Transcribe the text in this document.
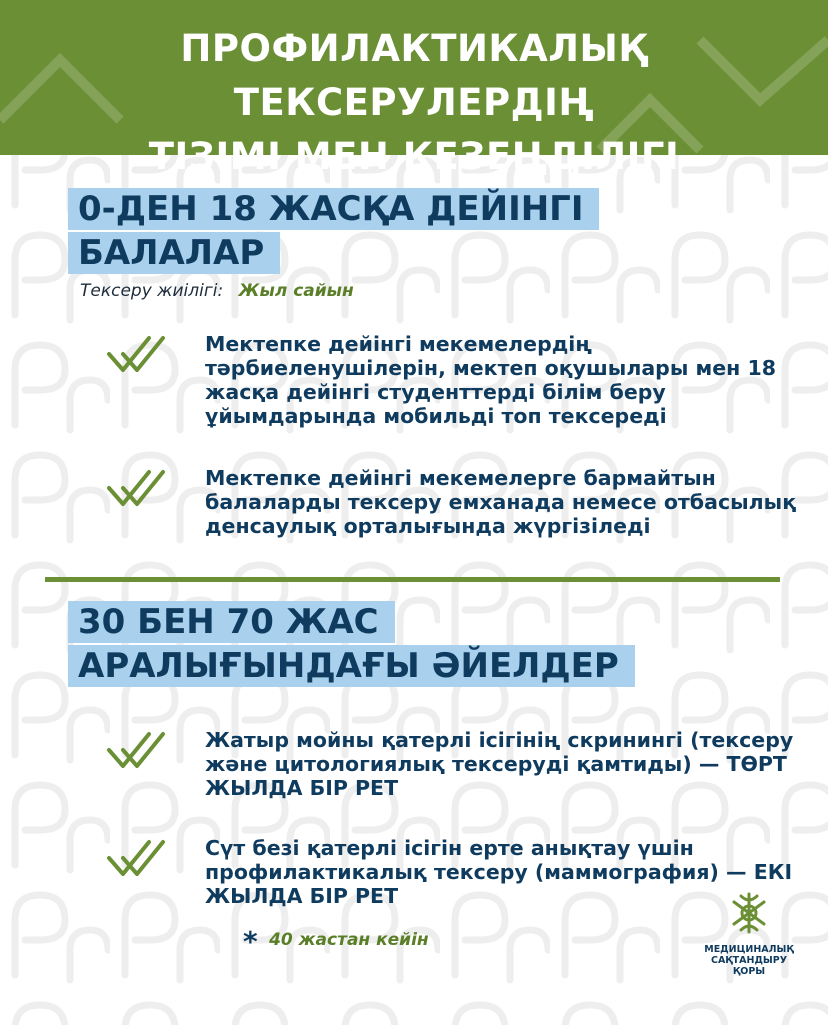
ПРОФИЛАКТИКАЛЫҚ ТЕКСЕРУЛЕРДІҢ
ТІЗІМІ МЕН КЕЗЕҢДІЛІГІ
0-ДЕН 18 ЖАСҚА ДЕЙІНГІ
БАЛАЛАР
Тексеру жиілігі: Жыл сайын
Мектепке дейінгі мекемелердің тәрбиеленушілерін, мектеп оқушылары мен 18 жасқа дейінгі студенттерді білім беру ұйымдарында мобильді топ тексереді
Мектепке дейінгі мекемелерге бармайтын балаларды тексеру емханада немесе отбасылық денсаулық орталығында жүргізіледі
30 БЕН 70 ЖАС
АРАЛЫҒЫНДАҒЫ ӘЙЕЛДЕР
Жатыр мойны қатерлі ісігінің скринингі (тексеру және цитологиялық тексеруді қамтиды) — ТӨРТ ЖЫЛДА БІР РЕТ
Сүт безі қатерлі ісігін ерте анықтау үшін профилактикалық тексеру (маммография) — ЕКІ ЖЫЛДА БІР РЕТ
* 40 жастан кейін	МЕДИЦИНАЛЫҚ
САҚТАНДЫРУ
ҚОРЫ
